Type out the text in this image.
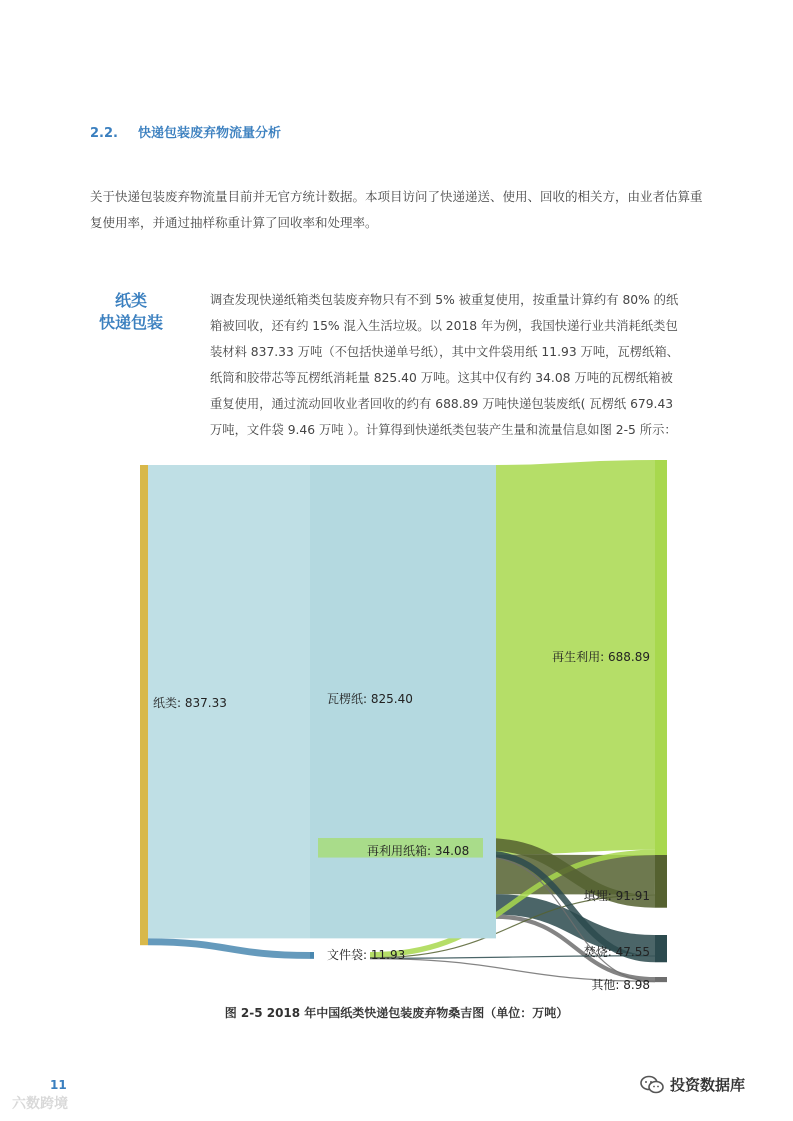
2.2. 快递包装废弃物流量分析
关于快递包装废弃物流量目前并无官方统计数据。本项目访问了快递递送、使用、回收的相关方，由业者估算重复使用率，并通过抽样称重计算了回收率和处理率。
纸类
快递包装
调查发现快递纸箱类包装废弃物只有不到 5% 被重复使用，按重量计算约有 80% 的纸箱被回收，还有约 15% 混入生活垃圾。以 2018 年为例，我国快递行业共消耗纸类包装材料 837.33 万吨（不包括快递单号纸），其中文件袋用纸 11.93 万吨，瓦楞纸箱、纸筒和胶带芯等瓦楞纸消耗量 825.40 万吨。这其中仅有约 34.08 万吨的瓦楞纸箱被重复使用，通过流动回收业者回收的约有 688.89 万吨快递包装废纸( 瓦楞纸 679.43 万吨，文件袋 9.46 万吨 ）。计算得到快递纸类包装产生量和流量信息如图 2-5 所示：
纸类: 837.33	瓦楞纸: 825.40
再利用纸箱: 34.08
文件袋: 11.93
再生利用: 688.89
填埋: 91.91
焚烧: 47.55
其他: 8.98
图 2-5 2018 年中国纸类快递包装废弃物桑吉图（单位：万吨）
11
六数跨境
投资数据库
